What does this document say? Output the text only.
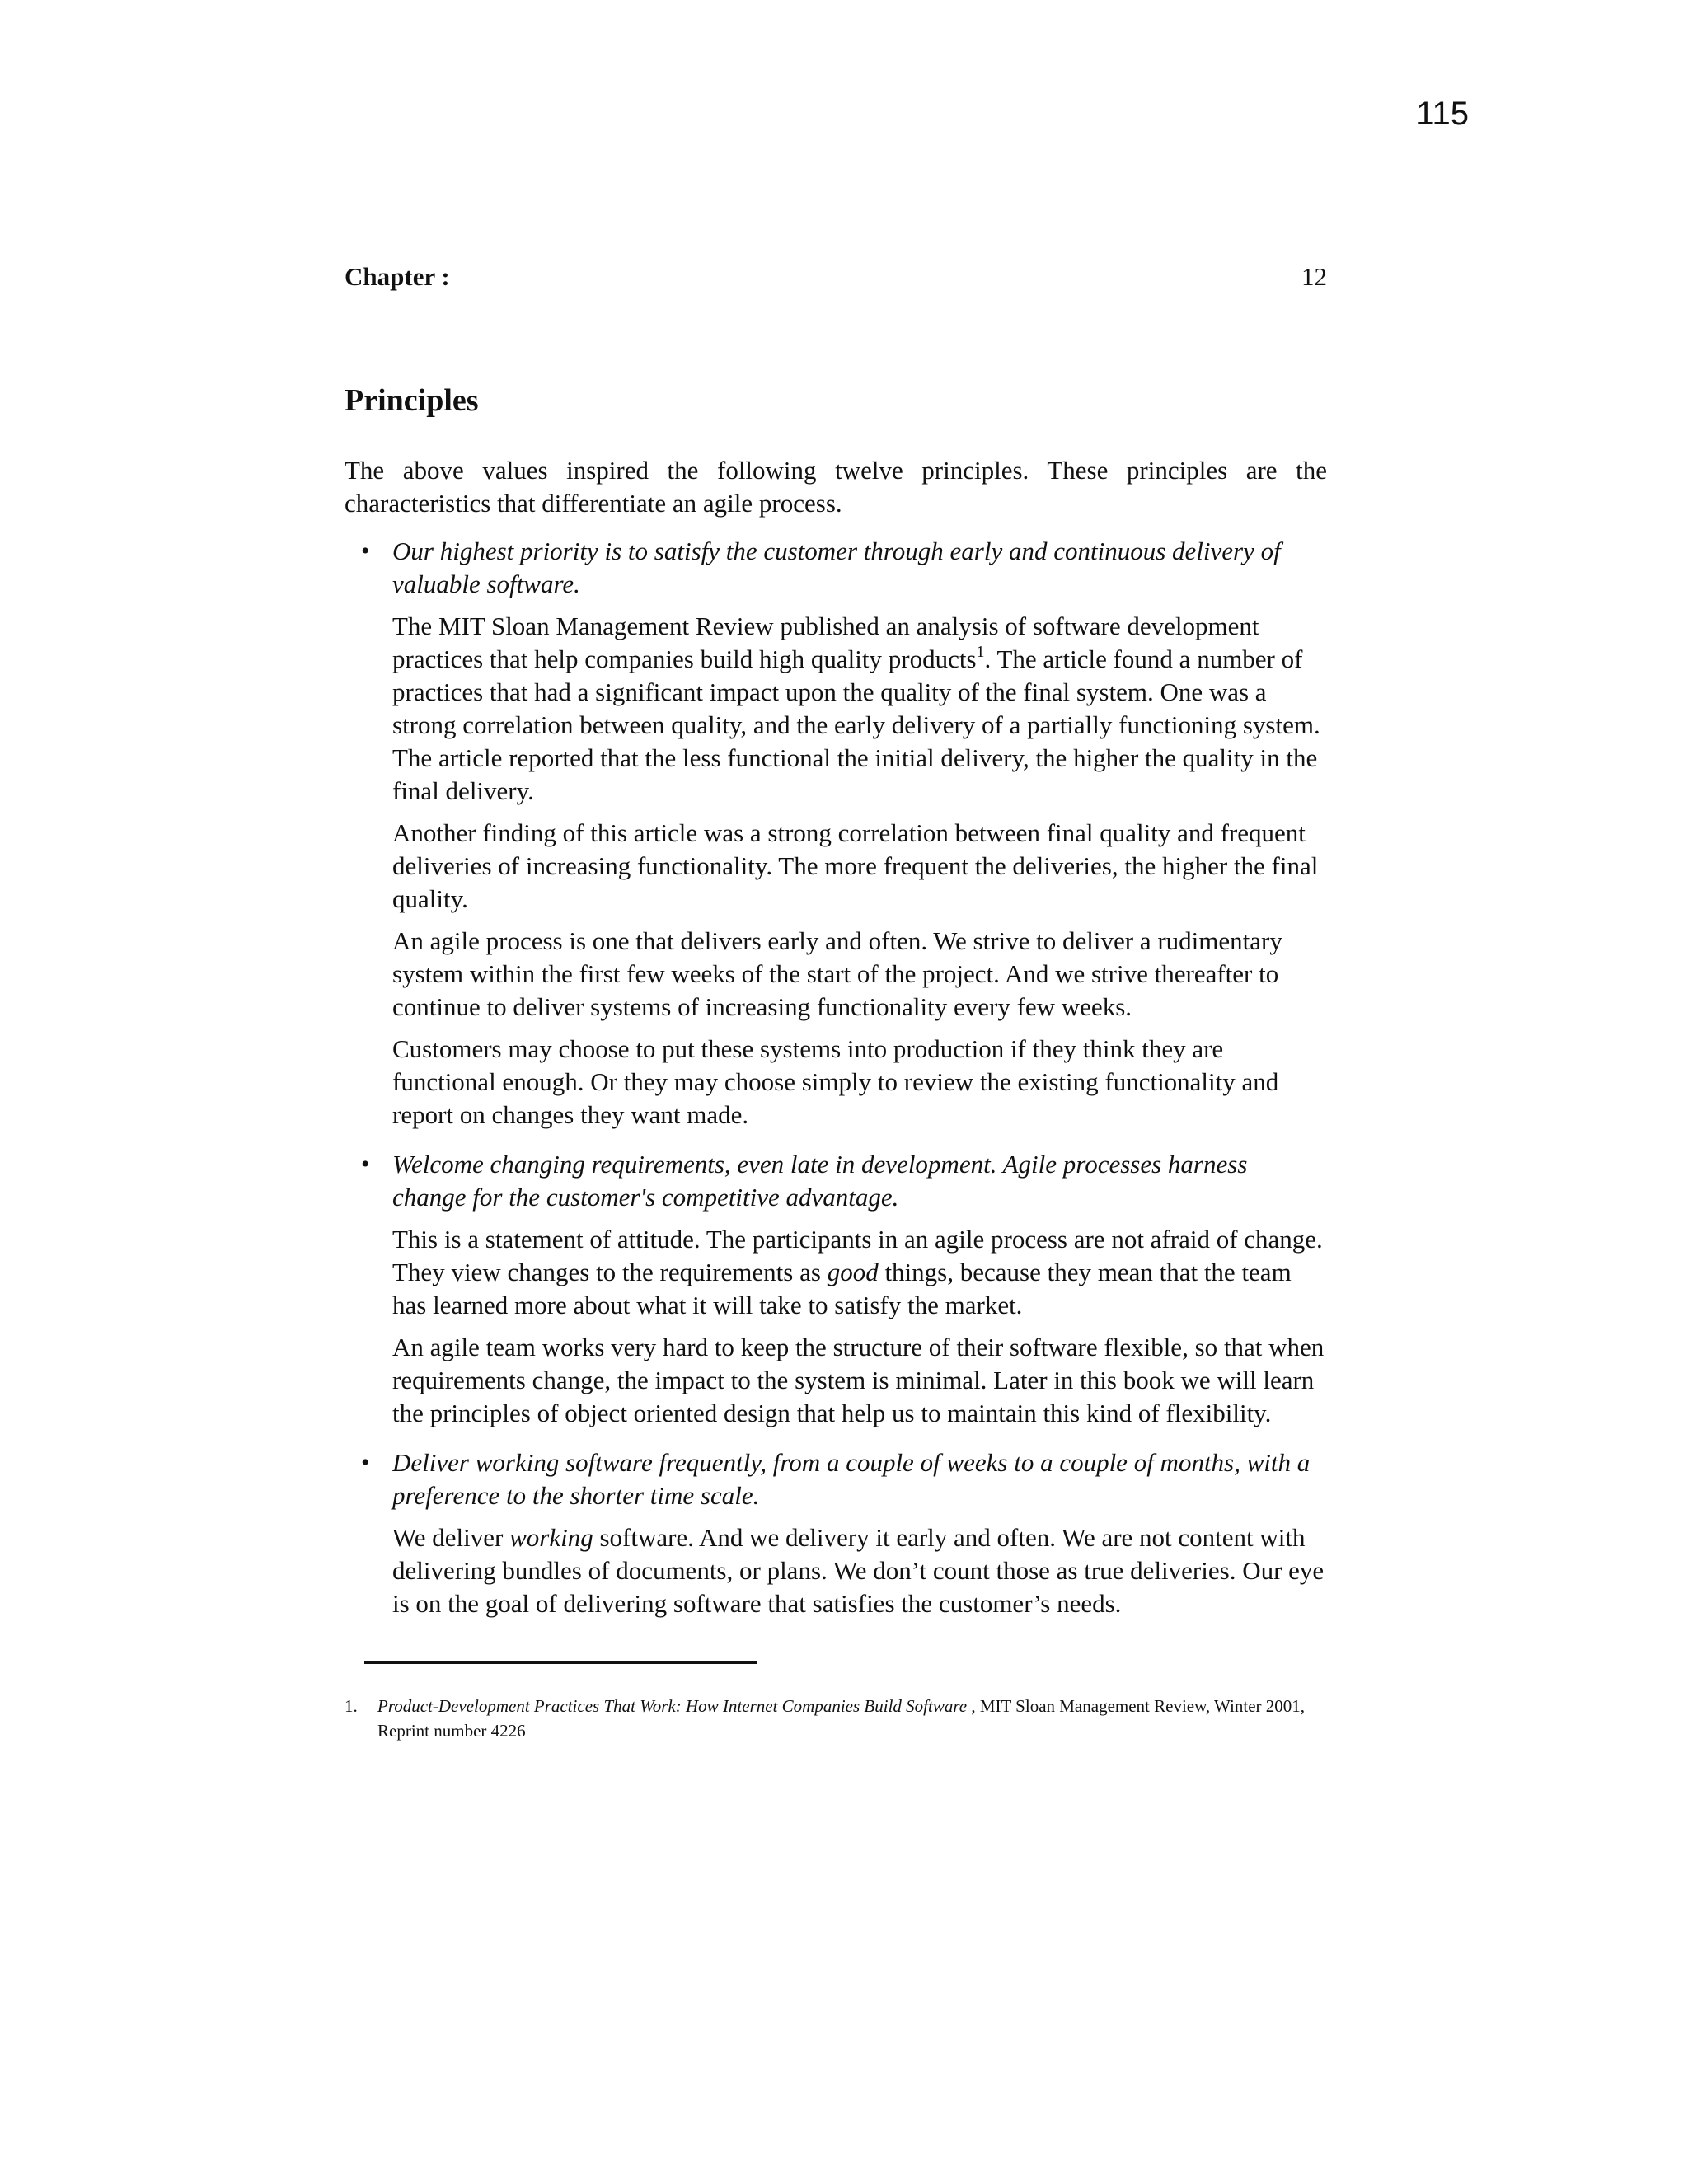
115
Chapter :	12
Principles

The above values inspired the following twelve principles. These principles are the characteristics that differentiate an agile process.

• Our highest priority is to satisfy the customer through early and continuous delivery of valuable software.

The MIT Sloan Management Review published an analysis of software development practices that help companies build high quality products$^1$. The article found a number of practices that had a significant impact upon the quality of the final system. One was a strong correlation between quality, and the early delivery of a partially functioning system. The article reported that the less functional the initial delivery, the higher the quality in the final delivery.

Another finding of this article was a strong correlation between final quality and frequent deliveries of increasing functionality. The more frequent the deliveries, the higher the final quality.

An agile process is one that delivers early and often. We strive to deliver a rudimentary system within the first few weeks of the start of the project. And we strive thereafter to continue to deliver systems of increasing functionality every few weeks.

Customers may choose to put these systems into production if they think they are functional enough. Or they may choose simply to review the existing functionality and report on changes they want made.

• Welcome changing requirements, even late in development. Agile processes harness change for the customer's competitive advantage.

This is a statement of attitude. The participants in an agile process are not afraid of change. They view changes to the requirements as good things, because they mean that the team has learned more about what it will take to satisfy the market.

An agile team works very hard to keep the structure of their software flexible, so that when requirements change, the impact to the system is minimal. Later in this book we will learn the principles of object oriented design that help us to maintain this kind of flexibility.

• Deliver working software frequently, from a couple of weeks to a couple of months, with a preference to the shorter time scale.

We deliver working software. And we delivery it early and often. We are not content with delivering bundles of documents, or plans. We don’t count those as true deliveries. Our eye is on the goal of delivering software that satisfies the customer’s needs.

1.	Product-Development Practices That Work: How Internet Companies Build Software , MIT Sloan Management Review, Winter 2001, Reprint number 4226
